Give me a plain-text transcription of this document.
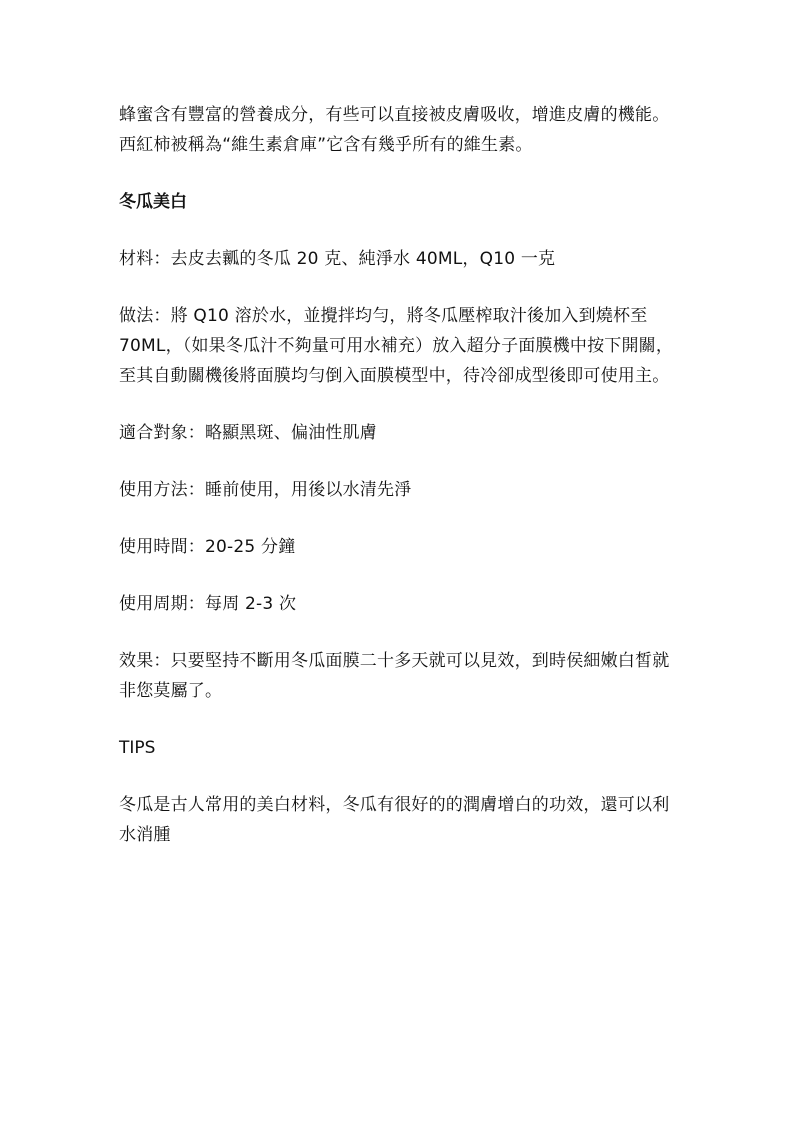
蜂蜜含有豐富的營養成分，有些可以直接被皮膚吸收，增進皮膚的機能。西紅柿被稱為“維生素倉庫”它含有幾乎所有的維生素。

冬瓜美白

材料：去皮去瓤的冬瓜 20 克、純淨水 40ML，Q10 一克

做法：將 Q10 溶於水，並攪拌均勻，將冬瓜壓榨取汁後加入到燒杯至 70ML，（如果冬瓜汁不夠量可用水補充）放入超分子面膜機中按下開關，至其自動關機後將面膜均勻倒入面膜模型中，待冷卻成型後即可使用主。

適合對象：略顯黑斑、偏油性肌膚

使用方法：睡前使用，用後以水清先淨

使用時間：20-25 分鐘

使用周期：每周 2-3 次

效果：只要堅持不斷用冬瓜面膜二十多天就可以見效，到時侯細嫩白皙就非您莫屬了。

TIPS

冬瓜是古人常用的美白材料，冬瓜有很好的的潤膚增白的功效，還可以利水消腫
